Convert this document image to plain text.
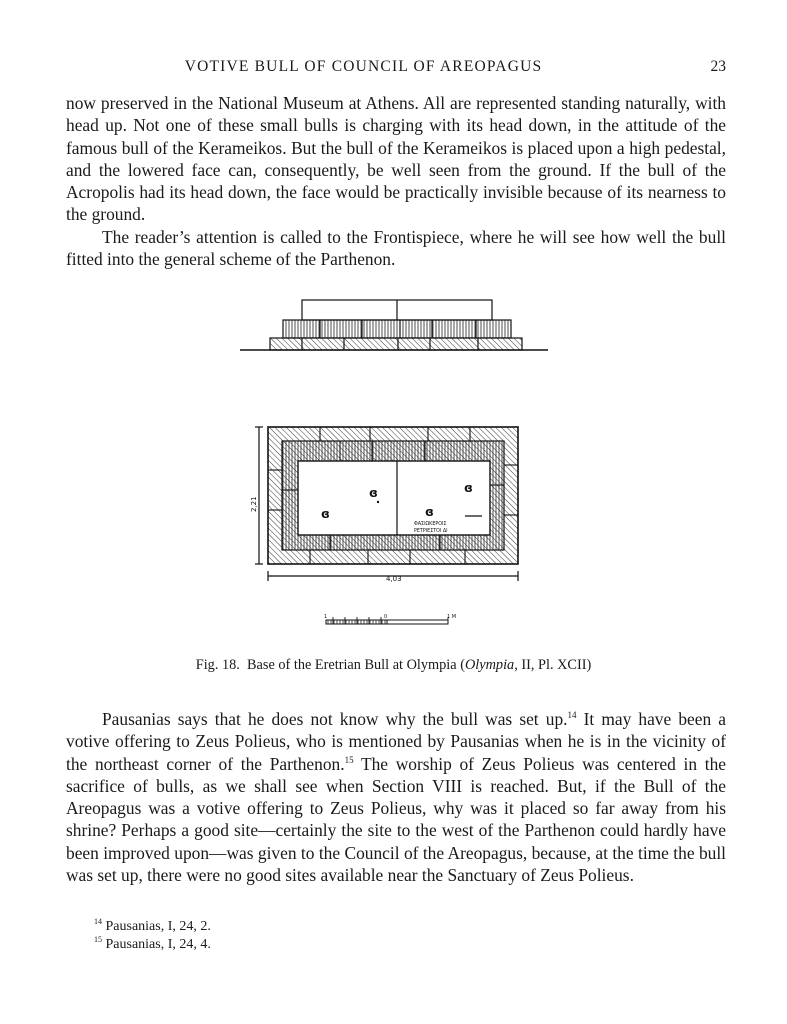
VOTIVE BULL OF COUNCIL OF AREOPAGUS	23

now preserved in the National Museum at Athens. All are represented standing naturally, with head up. Not one of these small bulls is charging with its head down, in the attitude of the famous bull of the Kerameikos. But the bull of the Kerameikos is placed upon a high pedestal, and the lowered face can, consequently, be well seen from the ground. If the bull of the Acropolis had its head down, the face would be practically invisible because of its nearness to the ground.

The reader’s attention is called to the Frontispiece, where he will see how well the bull fitted into the general scheme of the Parthenon.

ɞ
ɞ	ɞ
ɞ
ΦΑΣΙΩΚΕΡΟΙΣ
ΡΕΤΡΙΕΣΤΟΙ ΔΙ
2,21
4,03
1	0	1 M
Fig. 18. Base of the Eretrian Bull at Olympia (Olympia, II, Pl. XCII)

Pausanias says that he does not know why the bull was set up.$^{14}$ It may have been a votive offering to Zeus Polieus, who is mentioned by Pausanias when he is in the vicinity of the northeast corner of the Parthenon.$^{15}$ The worship of Zeus Polieus was centered in the sacrifice of bulls, as we shall see when Section VIII is reached. But, if the Bull of the Areopagus was a votive offering to Zeus Polieus, why was it placed so far away from his shrine? Perhaps a good site—certainly the site to the west of the Parthenon could hardly have been improved upon—was given to the Council of the Areopagus, because, at the time the bull was set up, there were no good sites available near the Sanctuary of Zeus Polieus.

$^{14}$ Pausanias, I, 24, 2.
$^{15}$ Pausanias, I, 24, 4.
